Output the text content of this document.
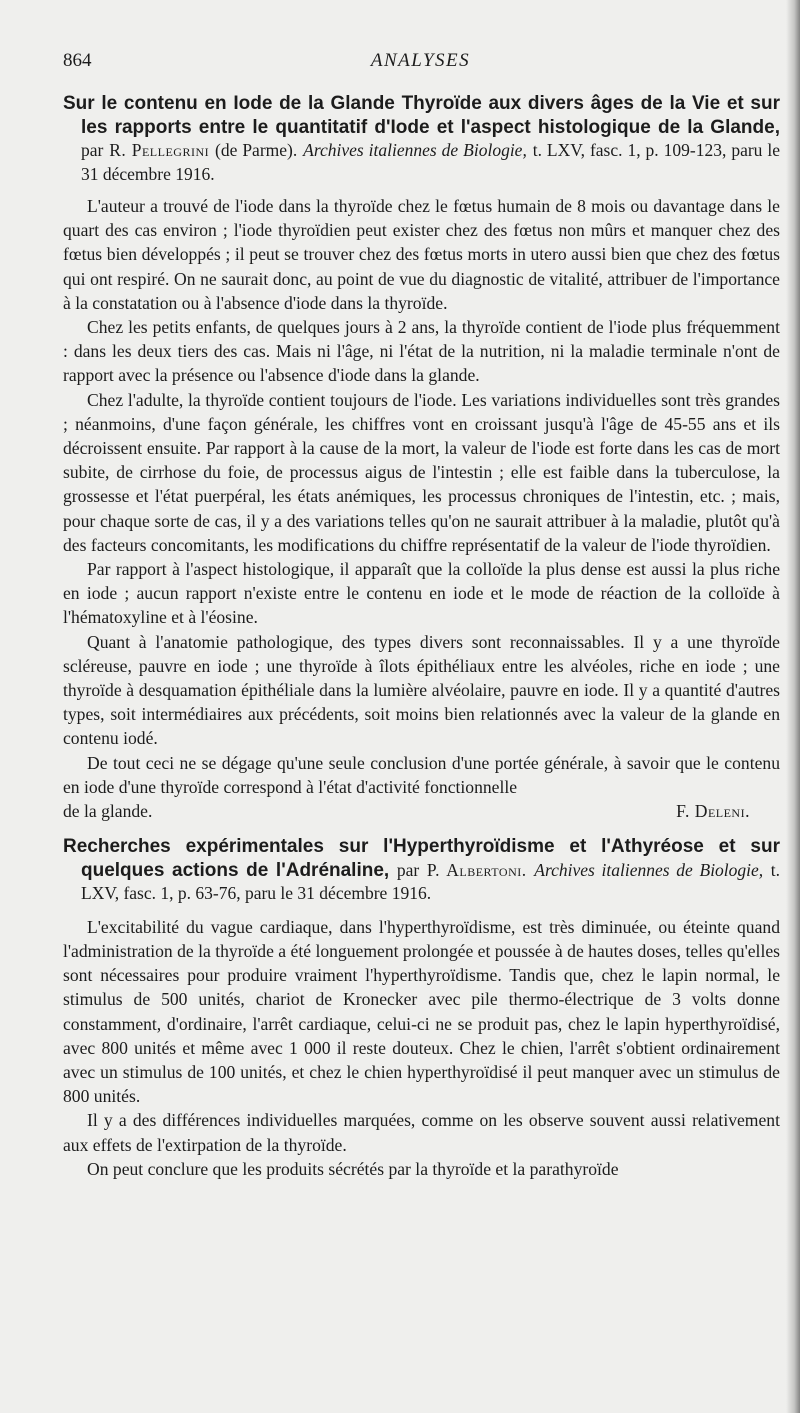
864	ANALYSES

Sur le contenu en Iode de la Glande Thyroïde aux divers âges de la Vie et sur les rapports entre le quantitatif d'Iode et l'aspect histologique de la Glande, par R. Pellegrini (de Parme). Archives italiennes de Biologie, t. LXV, fasc. 1, p. 109-123, paru le 31 décembre 1916.

L'auteur a trouvé de l'iode dans la thyroïde chez le fœtus humain de 8 mois ou davantage dans le quart des cas environ ; l'iode thyroïdien peut exister chez des fœtus non mûrs et manquer chez des fœtus bien développés ; il peut se trouver chez des fœtus morts in utero aussi bien que chez des fœtus qui ont respiré. On ne saurait donc, au point de vue du diagnostic de vitalité, attribuer de l'importance à la constatation ou à l'absence d'iode dans la thyroïde.

Chez les petits enfants, de quelques jours à 2 ans, la thyroïde contient de l'iode plus fréquemment : dans les deux tiers des cas. Mais ni l'âge, ni l'état de la nutrition, ni la maladie terminale n'ont de rapport avec la présence ou l'absence d'iode dans la glande.

Chez l'adulte, la thyroïde contient toujours de l'iode. Les variations individuelles sont très grandes ; néanmoins, d'une façon générale, les chiffres vont en croissant jusqu'à l'âge de 45-55 ans et ils décroissent ensuite. Par rapport à la cause de la mort, la valeur de l'iode est forte dans les cas de mort subite, de cirrhose du foie, de processus aigus de l'intestin ; elle est faible dans la tuberculose, la grossesse et l'état puerpéral, les états anémiques, les processus chroniques de l'intestin, etc. ; mais, pour chaque sorte de cas, il y a des variations telles qu'on ne saurait attribuer à la maladie, plutôt qu'à des facteurs concomitants, les modifications du chiffre représentatif de la valeur de l'iode thyroïdien.

Par rapport à l'aspect histologique, il apparaît que la colloïde la plus dense est aussi la plus riche en iode ; aucun rapport n'existe entre le contenu en iode et le mode de réaction de la colloïde à l'hématoxyline et à l'éosine.

Quant à l'anatomie pathologique, des types divers sont reconnaissables. Il y a une thyroïde scléreuse, pauvre en iode ; une thyroïde à îlots épithéliaux entre les alvéoles, riche en iode ; une thyroïde à desquamation épithéliale dans la lumière alvéolaire, pauvre en iode. Il y a quantité d'autres types, soit intermédiaires aux précédents, soit moins bien relationnés avec la valeur de la glande en contenu iodé.

De tout ceci ne se dégage qu'une seule conclusion d'une portée générale, à savoir que le contenu en iode d'une thyroïde correspond à l'état d'activité fonctionnelle

de la glande.	F. Deleni.

Recherches expérimentales sur l'Hyperthyroïdisme et l'Athyréose et sur quelques actions de l'Adrénaline, par P. Albertoni. Archives italiennes de Biologie, t. LXV, fasc. 1, p. 63-76, paru le 31 décembre 1916.

L'excitabilité du vague cardiaque, dans l'hyperthyroïdisme, est très diminuée, ou éteinte quand l'administration de la thyroïde a été longuement prolongée et poussée à de hautes doses, telles qu'elles sont nécessaires pour produire vraiment l'hyperthyroïdisme. Tandis que, chez le lapin normal, le stimulus de 500 unités, chariot de Kronecker avec pile thermo-électrique de 3 volts donne constamment, d'ordinaire, l'arrêt cardiaque, celui-ci ne se produit pas, chez le lapin hyperthyroïdisé, avec 800 unités et même avec 1 000 il reste douteux. Chez le chien, l'arrêt s'obtient ordinairement avec un stimulus de 100 unités, et chez le chien hyperthyroïdisé il peut manquer avec un stimulus de 800 unités.

Il y a des différences individuelles marquées, comme on les observe souvent aussi relativement aux effets de l'extirpation de la thyroïde.

On peut conclure que les produits sécrétés par la thyroïde et la parathyroïde
